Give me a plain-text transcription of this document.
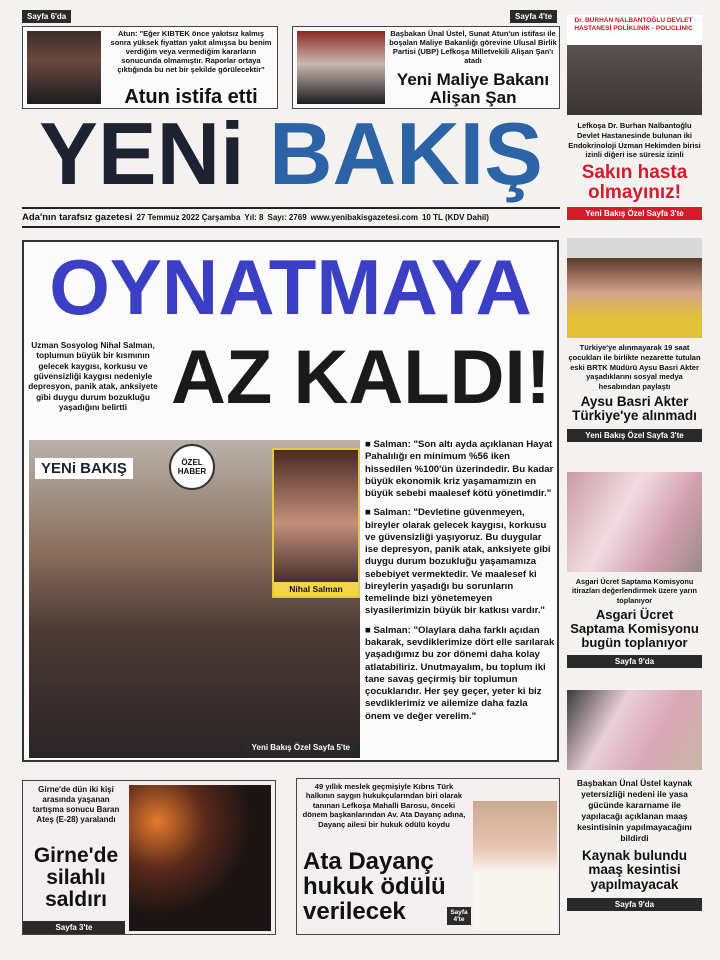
Sayfa 6'da
Atun: "Eğer KIBTEK önce yakıtsız kalmış sonra yüksek fiyattan yakıt almışsa bu benim verdiğim veya vermediğim kararların sonucunda olmamıştır. Raporlar ortaya çıktığında bu net bir şekilde görülecektir"
Atun istifa etti
Sayfa 4'te
Başbakan Ünal Üstel, Sunat Atun'un istifası ile boşalan Maliye Bakanlığı görevine Ulusal Birlik Partisi (UBP) Lefkoşa Milletvekili Alişan Şan'ı atadı
Yeni Maliye Bakanı Alişan Şan
YENi BAKIŞ
Ada'nın tarafsız gazetesi 27 Temmuz 2022 Çarşamba Yıl: 8 Sayı: 2769 www.yenibakisgazetesi.com 10 TL (KDV Dahil)
OYNATMAYA
Uzman Sosyolog Nihal Salman, toplumun büyük bir kısmının gelecek kaygısı, korkusu ve güvensizliği kaygısı nedeniyle depresyon, panik atak, anksiyete gibi duygu durum bozukluğu yaşadığını belirtti AZ KALDI!
YENi BAKIŞ	ÖZEL HABER
Nihal Salman
Yeni Bakış Özel Sayfa 5'te

■ Salman: "Son altı ayda açıklanan Hayat Pahalılığı en minimum %56 iken hissedilen %100'ün üzerindedir. Bu kadar büyük ekonomik kriz yaşamamızın en büyük sebebi maalesef kötü yönetimdir."

■ Salman: "Devletine güvenmeyen, bireyler olarak gelecek kaygısı, korkusu ve güvensizliği yaşıyoruz. Bu duygular ise depresyon, panik atak, anksiyete gibi duygu durum bozukluğu yaşamamıza sebebiyet vermektedir. Ve maalesef ki bireylerin yaşadığı bu sorunların temelinde bizi yönetemeyen siyasilerimizin büyük bir katkısı vardır."

■ Salman: "Olaylara daha farklı açıdan bakarak, sevdiklerimize dört elle sarılarak yaşadığımız bu zor dönemi daha kolay atlatabiliriz. Unutmayalım, bu toplum iki tane savaş geçirmiş bir toplumun çocuklarıdır. Her şey geçer, yeter ki biz sevdiklerimiz ve ailemize daha fazla önem ve değer verelim."

Dr. BURHAN NALBANTOĞLU DEVLET HASTANESİ POLİKLİNİK - POLICLINIC
Lefkoşa Dr. Burhan Nalbantoğlu Devlet Hastanesinde bulunan iki Endokrinoloji Uzman Hekimden birisi izinli diğeri ise süresiz izinli
Sakın hasta olmayınız!
Yeni Bakış Özel Sayfa 3'te
Türkiye'ye alınmayarak 19 saat çocukları ile birlikte nezarette tutulan eski BRTK Müdürü Aysu Basri Akter yaşadıklarını sosyal medya hesabından paylaştı
Aysu Basri Akter Türkiye'ye alınmadı
Yeni Bakış Özel Sayfa 3'te
Asgari Ücret Saptama Komisyonu itirazları değerlendirmek üzere yarın toplanıyor
Asgari Ücret Saptama Komisyonu bugün toplanıyor
Sayfa 9'da
Başbakan Ünal Üstel kaynak yetersizliği nedeni ile yasa gücünde kararname ile yapılacağı açıklanan maaş kesintisinin yapılmayacağını bildirdi
Kaynak bulundu maaş kesintisi yapılmayacak
Sayfa 9'da
Girne'de dün iki kişi arasında yaşanan tartışma sonucu Baran Ateş (E-28) yaralandı
Girne'de silahlı saldırı
Sayfa 3'te
49 yıllık meslek geçmişiyle Kıbrıs Türk halkının saygın hukukçularından biri olarak tanınan Lefkoşa Mahalli Barosu, önceki dönem başkanlarından Av. Ata Dayanç adına, Dayanç ailesi bir hukuk ödülü koydu
Ata Dayanç hukuk ödülü verilecek	Sayfa 4'te
